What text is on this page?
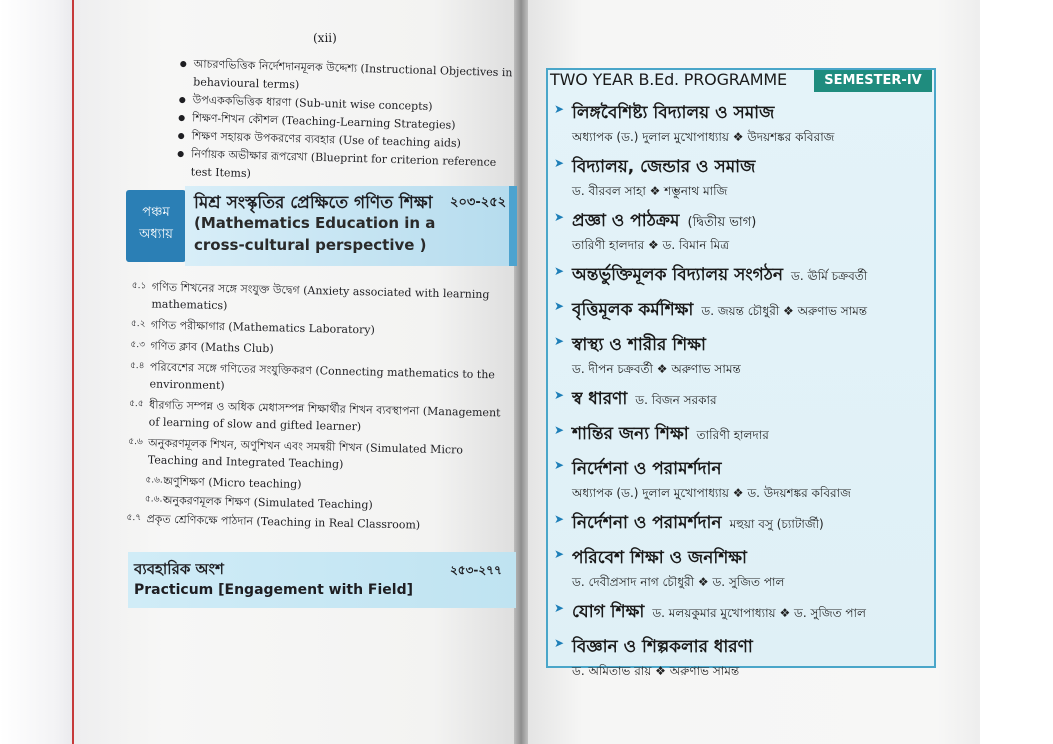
(xii)
● আচরণভিত্তিক নির্দেশদানমূলক উদ্দেশ্য (Instructional Objectives in behavioural terms)
● উপএককভিত্তিক ধারণা (Sub-unit wise concepts)
● শিক্ষণ-শিখন কৌশল (Teaching-Learning Strategies)
● শিক্ষণ সহায়ক উপকরণের ব্যবহার (Use of teaching aids)
● নির্ণায়ক অভীক্ষার রূপরেখা (Blueprint for criterion reference test Items)
পঞ্চম
অধ্যায়
মিশ্র সংস্কৃতির প্রেক্ষিতে গণিত শিক্ষা ২০৩-২৫২
(Mathematics Education in a cross-cultural perspective )
৫.১ গণিত শিখনের সঙ্গে সংযুক্ত উদ্বেগ (Anxiety associated with learning mathematics)
৫.২ গণিত পরীক্ষাগার (Mathematics Laboratory)
৫.৩ গণিত ক্লাব (Maths Club)
৫.৪ পরিবেশের সঙ্গে গণিতের সংযুক্তিকরণ (Connecting mathematics to the environment)
৫.৫ ধীরগতি সম্পন্ন ও অধিক মেধাসম্পন্ন শিক্ষার্থীর শিখন ব্যবস্থাপনা (Management of learning of slow and gifted learner)
৫.৬ অনুকরণমূলক শিখন, অণুশিখন এবং সমন্বয়ী শিখন (Simulated Micro Teaching and Integrated Teaching)
৫.৬.১
অণুশিক্ষণ (Micro teaching)
৫.৬.২
অনুকরণমূলক শিক্ষণ (Simulated Teaching)
৫.৭ প্রকৃত শ্রেণিকক্ষে পাঠদান (Teaching in Real Classroom)
ব্যবহারিক অংশ	২৫৩-২৭৭
Practicum [Engagement with Field]
TWO YEAR B.Ed. PROGRAMME	SEMESTER-IV
➤ লিঙ্গবৈশিষ্ট্য বিদ্যালয় ও সমাজ
অধ্যাপক (ড.) দুলাল মুখোপাধ্যায় ❖ উদয়শঙ্কর কবিরাজ
➤ বিদ্যালয়, জেন্ডার ও সমাজ
ড. বীরবল সাহা ❖ শম্ভুনাথ মাজি
➤ প্রজ্ঞা ও পাঠক্রম (দ্বিতীয় ভাগ)
তারিণী হালদার ❖ ড. বিমান মিত্র
➤ অন্তর্ভুক্তিমূলক বিদ্যালয় সংগঠন ড. ঊর্মি চক্রবর্তী
➤ বৃত্তিমূলক কর্মশিক্ষা ড. জয়ন্ত চৌধুরী ❖ অরুণাভ সামন্ত
➤ স্বাস্থ্য ও শারীর শিক্ষা
ড. দীপন চক্রবর্তী ❖ অরুণাভ সামন্ত
➤ স্ব ধারণা ড. বিজন সরকার
➤ শান্তির জন্য শিক্ষা তারিণী হালদার
➤ নির্দেশনা ও পরামর্শদান
অধ্যাপক (ড.) দুলাল মুখোপাধ্যায় ❖ ড. উদয়শঙ্কর কবিরাজ
➤ নির্দেশনা ও পরামর্শদান মহুয়া বসু (চ্যাটার্জী)
➤ পরিবেশ শিক্ষা ও জনশিক্ষা
ড. দেবীপ্রসাদ নাগ চৌধুরী ❖ ড. সুজিত পাল
➤ যোগ শিক্ষা ড. মলয়কুমার মুখোপাধ্যায় ❖ ড. সুজিত পাল
➤ বিজ্ঞান ও শিল্পকলার ধারণা
ড. অমিতাভ রায় ❖ অরুণাভ সামন্ত
